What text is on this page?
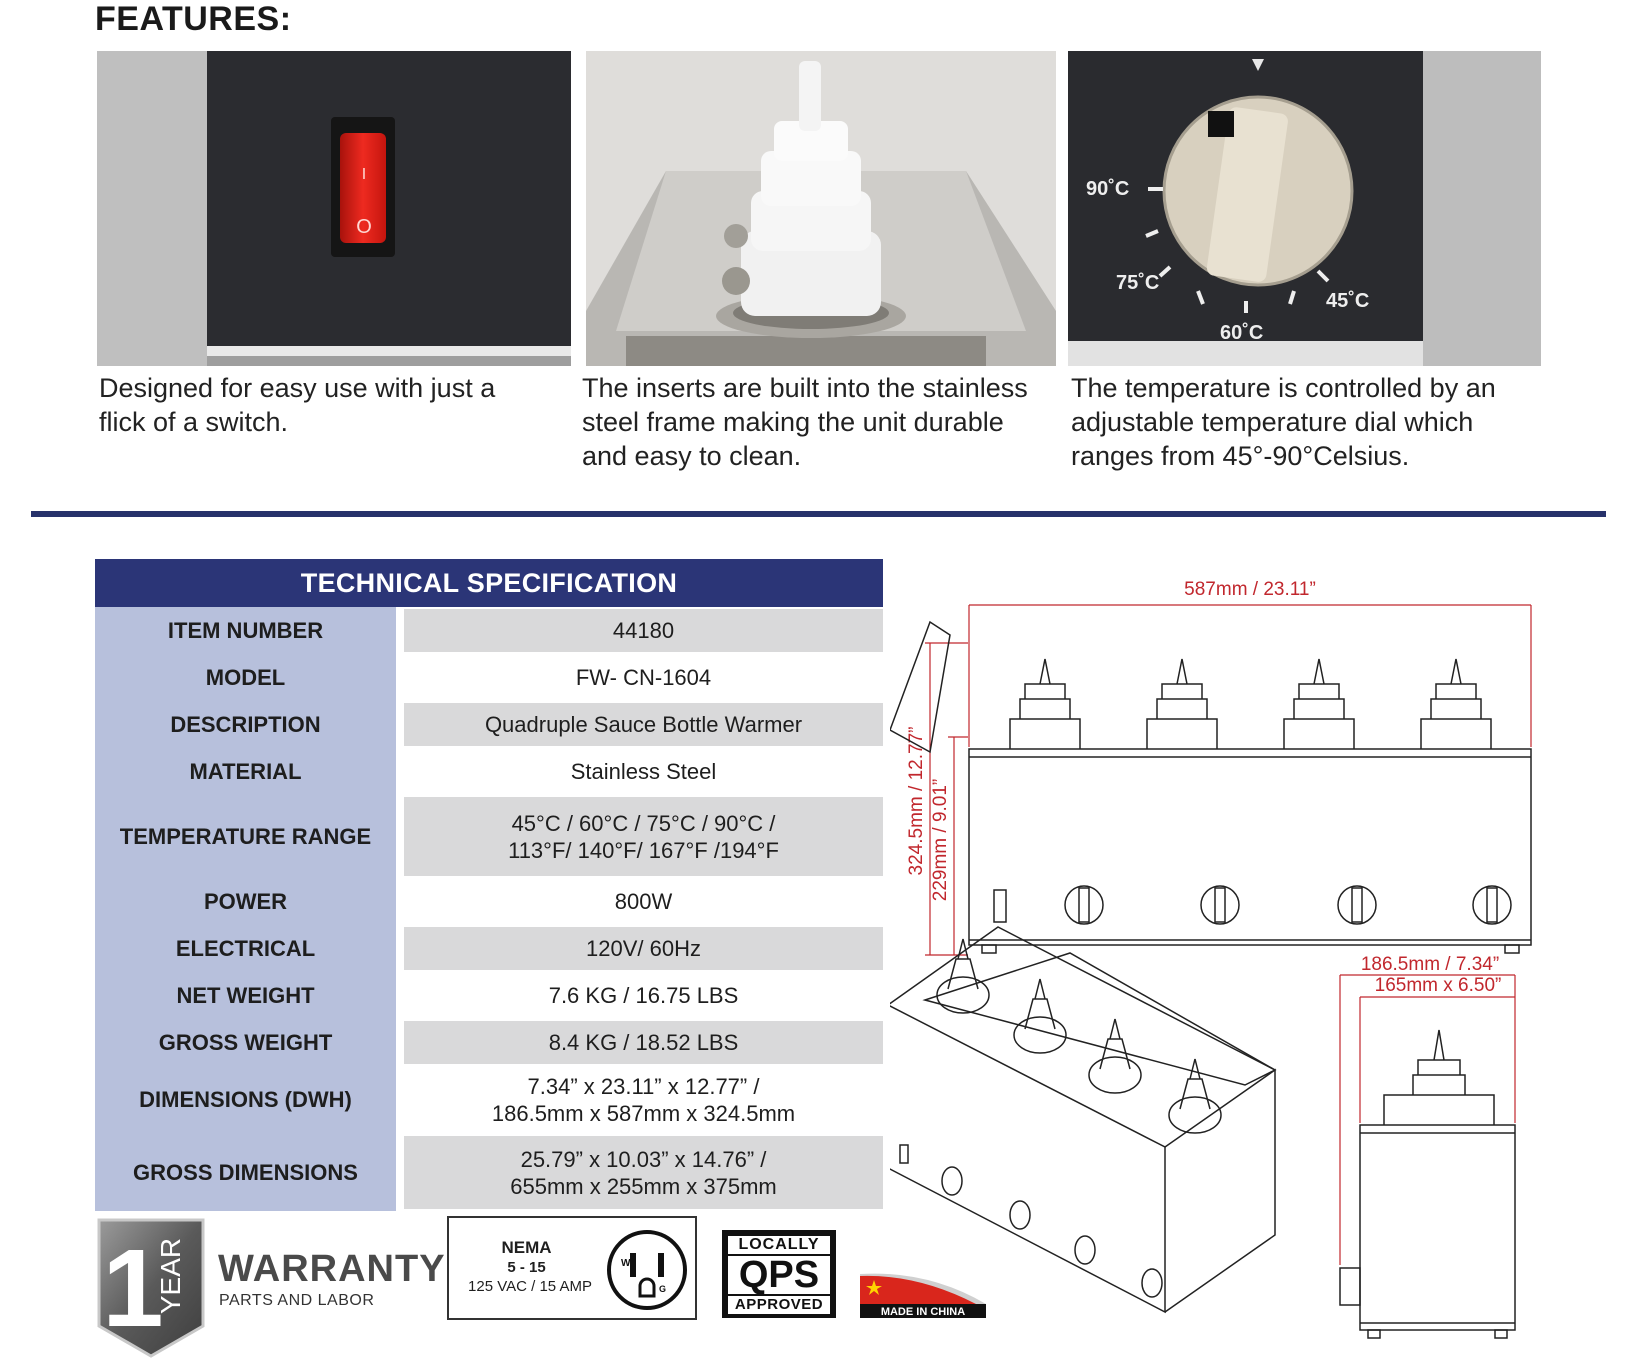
FEATURES:
I
O
90˚C
75˚C
60˚C
45˚C
Designed for easy use with just a
flick of a switch.
The inserts are built into the stainless
steel frame making the unit durable
and easy to clean.
The temperature is controlled by an
adjustable temperature dial which
ranges from 45°-90°Celsius.
TECHNICAL SPECIFICATION
ITEM NUMBER	44180
MODEL	FW- CN-1604
DESCRIPTION	Quadruple Sauce Bottle Warmer
MATERIAL	Stainless Steel
TEMPERATURE RANGE
45°C / 60°C / 75°C / 90°C /
113°F/ 140°F/ 167°F /194°F
POWER	800W
ELECTRICAL	120V/ 60Hz
NET WEIGHT	7.6 KG / 16.75 LBS
GROSS WEIGHT	8.4 KG / 18.52 LBS
DIMENSIONS (DWH)
7.34” x 23.11” x 12.77” /
186.5mm x 587mm x 324.5mm
GROSS DIMENSIONS
25.79” x 10.03” x 14.76” /
655mm x 255mm x 375mm
587mm / 23.11”
324.5mm / 12.77” 229mm / 9.01”
186.5mm / 7.34”
165mm x 6.50”
1
YEAR WARRANTY
PARTS AND LABOR
NEMA
5 - 15
125 VAC / 15 AMP
W
G
LOCALLY
QPS
APPROVED	MADE IN CHINA
